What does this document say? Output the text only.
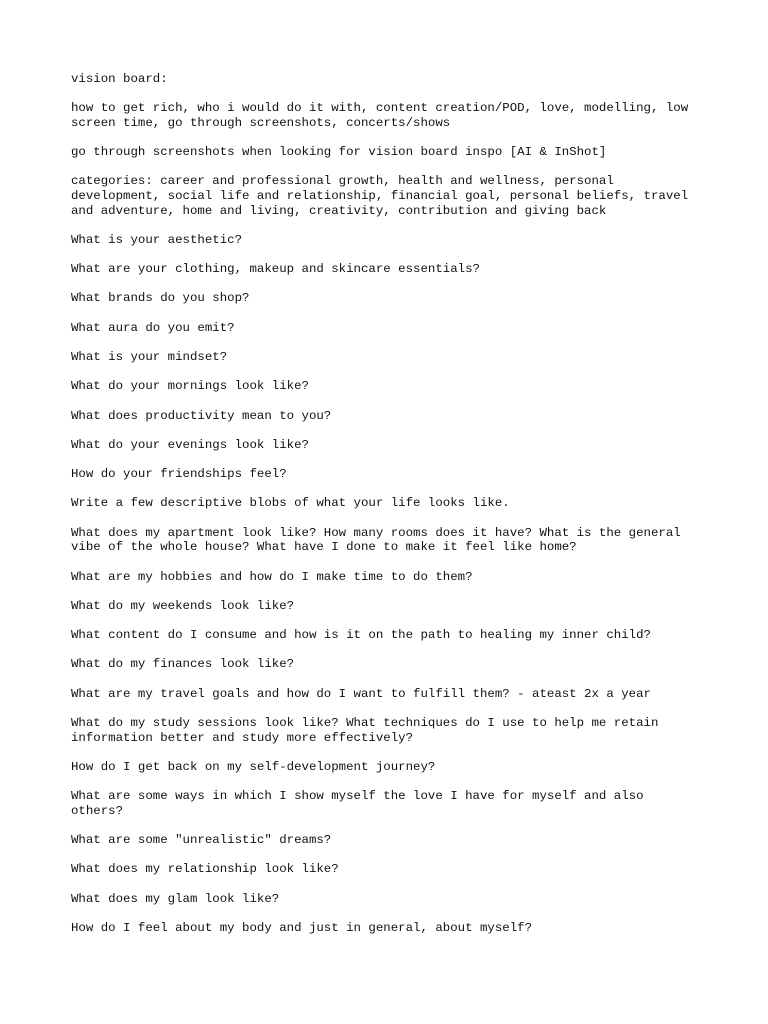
vision board:

how to get rich, who i would do it with, content creation/POD, love, modelling, low
screen time, go through screenshots, concerts/shows

go through screenshots when looking for vision board inspo [AI & InShot]

categories: career and professional growth, health and wellness, personal
development, social life and relationship, financial goal, personal beliefs, travel
and adventure, home and living, creativity, contribution and giving back

What is your aesthetic?

What are your clothing, makeup and skincare essentials?

What brands do you shop?

What aura do you emit?

What is your mindset?

What do your mornings look like?

What does productivity mean to you?

What do your evenings look like?

How do your friendships feel?

Write a few descriptive blobs of what your life looks like.

What does my apartment look like? How many rooms does it have? What is the general
vibe of the whole house? What have I done to make it feel like home?

What are my hobbies and how do I make time to do them?

What do my weekends look like?

What content do I consume and how is it on the path to healing my inner child?

What do my finances look like?

What are my travel goals and how do I want to fulfill them? - ateast 2x a year

What do my study sessions look like? What techniques do I use to help me retain
information better and study more effectively?

How do I get back on my self-development journey?

What are some ways in which I show myself the love I have for myself and also
others?

What are some "unrealistic" dreams?

What does my relationship look like?

What does my glam look like?

How do I feel about my body and just in general, about myself?
